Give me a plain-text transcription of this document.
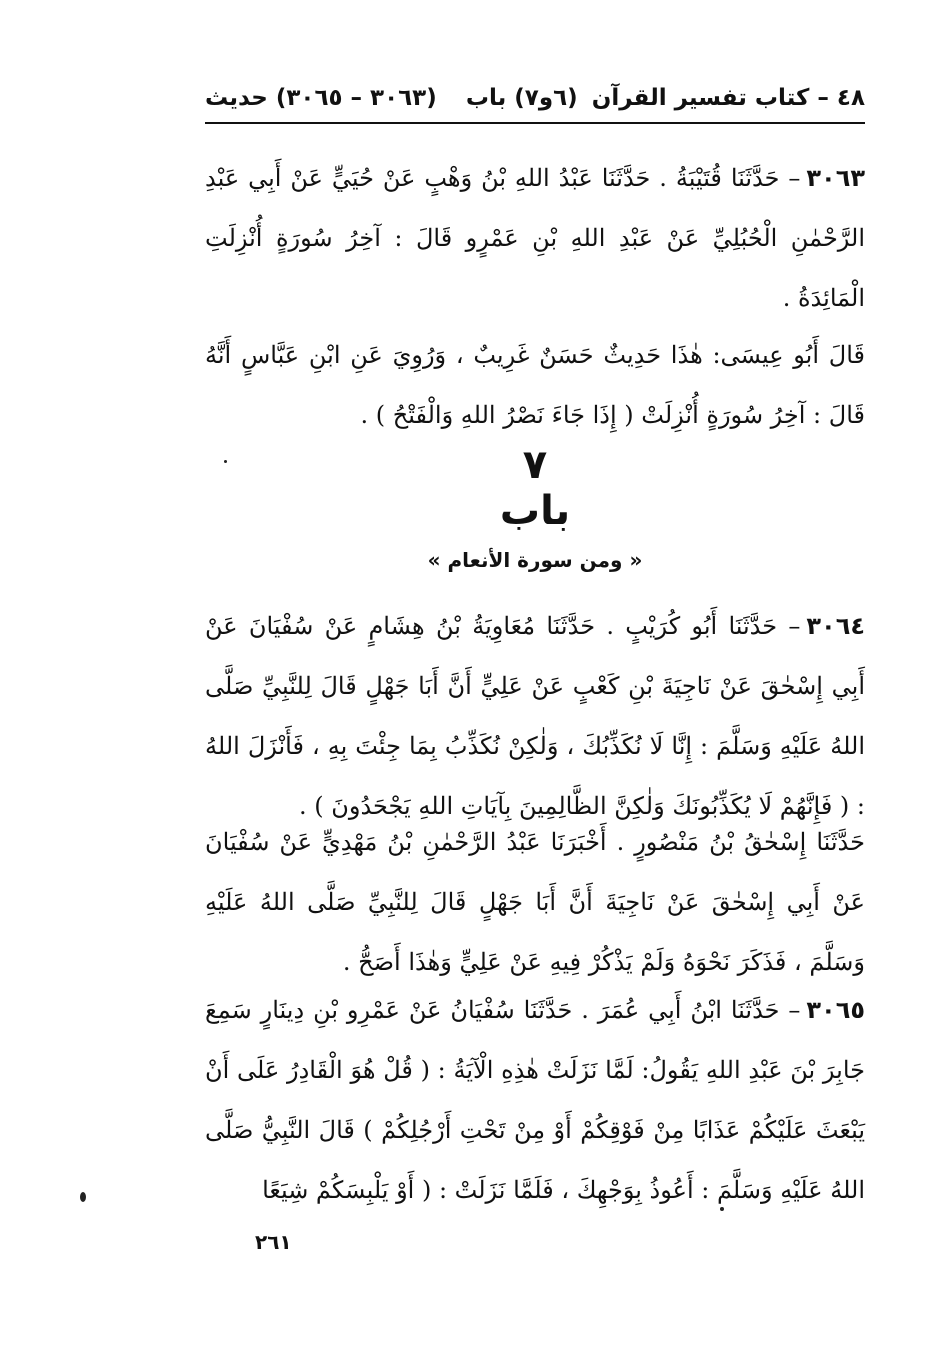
٤٨ – كتاب تفسير القرآن
(٦و٧) باب
(٣٠٦٣ – ٣٠٦٥) حديث

٣٠٦٣– حَدَّثَنَا قُتَيْبَةُ . حَدَّثَنَا عَبْدُ اللهِ بْنُ وَهْبٍ عَنْ حُيَيٍّ عَنْ أَبِي عَبْدِ الرَّحْمٰنِ الْحُبُلِيِّ عَنْ عَبْدِ اللهِ بْنِ عَمْرٍو قَالَ : آخِرُ سُورَةٍ أُنْزِلَتِ الْمَائِدَةُ .

قَالَ أَبُو عِيسَى: هٰذَا حَدِيثٌ حَسَنٌ غَرِيبٌ ، وَرُوِيَ عَنِ ابْنِ عَبَّاسٍ أَنَّهُ قَالَ : آخِرُ سُورَةٍ أُنْزِلَتْ ( إِذَا جَاءَ نَصْرُ اللهِ وَالْفَتْحُ ) .

٧

باب

« ومن سورة الأنعام »

٣٠٦٤– حَدَّثَنَا أَبُو كُرَيْبٍ . حَدَّثَنَا مُعَاوِيَةُ بْنُ هِشَامٍ عَنْ سُفْيَانَ عَنْ أَبِي إِسْحٰقَ عَنْ نَاجِيَةَ بْنِ كَعْبٍ عَنْ عَلِيٍّ أَنَّ أَبَا جَهْلٍ قَالَ لِلنَّبِيِّ صَلَّى اللهُ عَلَيْهِ وَسَلَّمَ : إِنَّا لَا نُكَذِّبُكَ ، وَلٰكِنْ نُكَذِّبُ بِمَا جِئْتَ بِهِ ، فَأَنْزَلَ اللهُ : ( فَإِنَّهُمْ لَا يُكَذِّبُونَكَ وَلٰكِنَّ الظَّالِمِينَ بِآيَاتِ اللهِ يَجْحَدُونَ ) .

حَدَّثَنَا إِسْحٰقُ بْنُ مَنْصُورٍ . أَخْبَرَنَا عَبْدُ الرَّحْمٰنِ بْنُ مَهْدِيٍّ عَنْ سُفْيَانَ عَنْ أَبِي إِسْحٰقَ عَنْ نَاجِيَةَ أَنَّ أَبَا جَهْلٍ قَالَ لِلنَّبِيِّ صَلَّى اللهُ عَلَيْهِ وَسَلَّمَ ، فَذَكَرَ نَحْوَهُ وَلَمْ يَذْكُرْ فِيهِ عَنْ عَلِيٍّ وَهٰذَا أَصَحُّ .

٣٠٦٥– حَدَّثَنَا ابْنُ أَبِي عُمَرَ . حَدَّثَنَا سُفْيَانُ عَنْ عَمْرِو بْنِ دِينَارٍ سَمِعَ جَابِرَ بْنَ عَبْدِ اللهِ يَقُولُ: لَمَّا نَزَلَتْ هٰذِهِ الْآيَةُ : ( قُلْ هُوَ الْقَادِرُ عَلَى أَنْ يَبْعَثَ عَلَيْكُمْ عَذَابًا مِنْ فَوْقِكُمْ أَوْ مِنْ تَحْتِ أَرْجُلِكُمْ ) قَالَ النَّبِيُّ صَلَّى اللهُ عَلَيْهِ وَسَلَّمَ : أَعُوذُ بِوَجْهِكَ ، فَلَمَّا نَزَلَتْ : ( أَوْ يَلْبِسَكُمْ شِيَعًا

٢٦١
